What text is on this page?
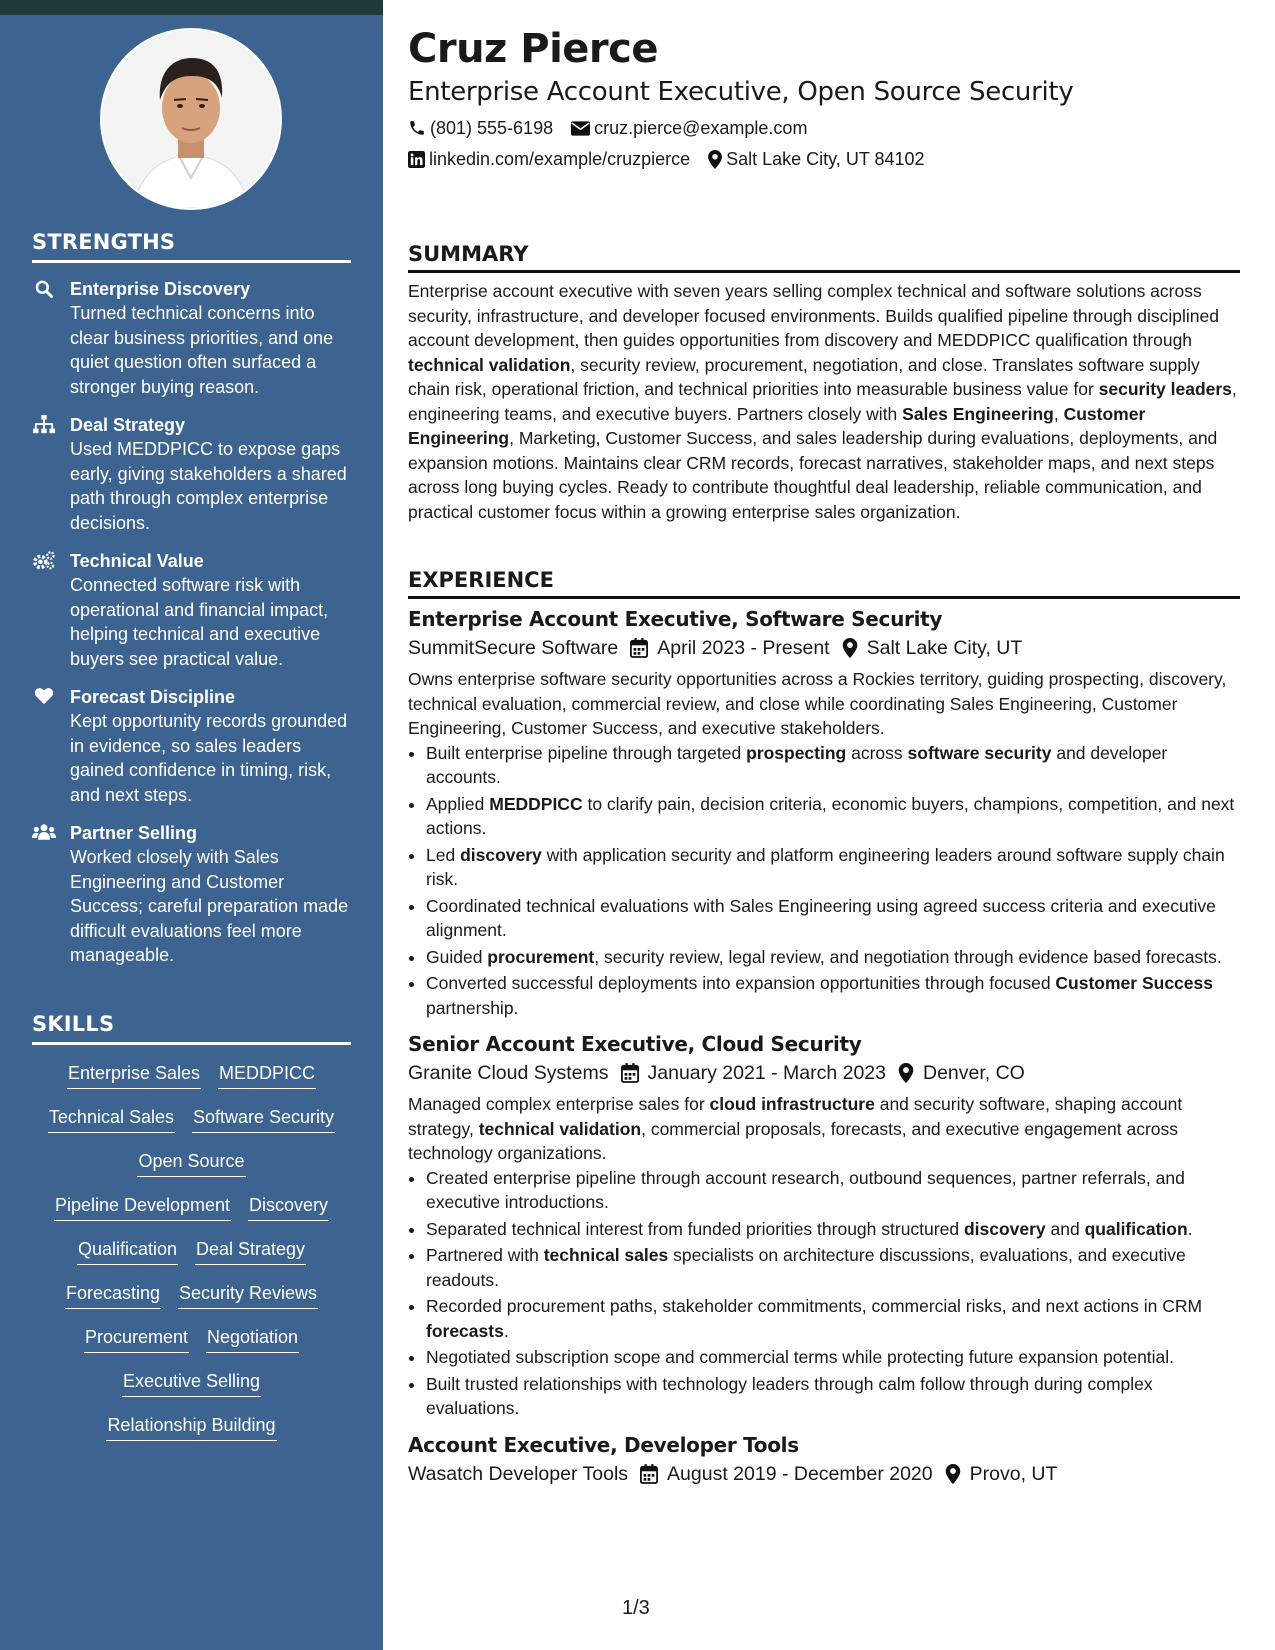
STRENGTHS
Enterprise Discovery
Turned technical concerns into clear business priorities, and one quiet question often surfaced a stronger buying reason.
Deal Strategy
Used MEDDPICC to expose gaps early, giving stakeholders a shared path through complex enterprise decisions.
Technical Value
Connected software risk with operational and financial impact, helping technical and executive buyers see practical value.
Forecast Discipline
Kept opportunity records grounded in evidence, so sales leaders gained confidence in timing, risk, and next steps.
Partner Selling
Worked closely with Sales Engineering and Customer Success; careful preparation made difficult evaluations feel more manageable.
SKILLS
Enterprise Sales MEDDPICC
Technical Sales Software Security
Open Source
Pipeline Development Discovery
Qualification Deal Strategy
Forecasting Security Reviews
Procurement Negotiation
Executive Selling
Relationship Building
Cruz Pierce
Enterprise Account Executive, Open Source Security
(801) 555-6198 cruz.pierce@example.com
linkedin.com/example/cruzpierce Salt Lake City, UT 84102
SUMMARY
Enterprise account executive with seven years selling complex technical and software solutions across security, infrastructure, and developer focused environments. Builds qualified pipeline through disciplined account development, then guides opportunities from discovery and MEDDPICC qualification through technical validation, security review, procurement, negotiation, and close. Translates software supply chain risk, operational friction, and technical priorities into measurable business value for security leaders, engineering teams, and executive buyers. Partners closely with Sales Engineering, Customer Engineering, Marketing, Customer Success, and sales leadership during evaluations, deployments, and expansion motions. Maintains clear CRM records, forecast narratives, stakeholder maps, and next steps across long buying cycles. Ready to contribute thoughtful deal leadership, reliable communication, and practical customer focus within a growing enterprise sales organization.
EXPERIENCE
Enterprise Account Executive, Software Security
SummitSecure Software April 2023 - Present Salt Lake City, UT
Owns enterprise software security opportunities across a Rockies territory, guiding prospecting, discovery, technical evaluation, commercial review, and close while coordinating Sales Engineering, Customer Engineering, Customer Success, and executive stakeholders.
• Built enterprise pipeline through targeted prospecting across software security and developer accounts.
• Applied MEDDPICC to clarify pain, decision criteria, economic buyers, champions, competition, and next actions.
• Led discovery with application security and platform engineering leaders around software supply chain risk.
• Coordinated technical evaluations with Sales Engineering using agreed success criteria and executive alignment.
• Guided procurement, security review, legal review, and negotiation through evidence based forecasts.
• Converted successful deployments into expansion opportunities through focused Customer Success partnership.
Senior Account Executive, Cloud Security
Granite Cloud Systems January 2021 - March 2023 Denver, CO
Managed complex enterprise sales for cloud infrastructure and security software, shaping account strategy, technical validation, commercial proposals, forecasts, and executive engagement across technology organizations.
• Created enterprise pipeline through account research, outbound sequences, partner referrals, and executive introductions.
• Separated technical interest from funded priorities through structured discovery and qualification.
• Partnered with technical sales specialists on architecture discussions, evaluations, and executive readouts.
• Recorded procurement paths, stakeholder commitments, commercial risks, and next actions in CRM forecasts.
• Negotiated subscription scope and commercial terms while protecting future expansion potential.
• Built trusted relationships with technology leaders through calm follow through during complex evaluations.
Account Executive, Developer Tools
Wasatch Developer Tools August 2019 - December 2020 Provo, UT
1/3
